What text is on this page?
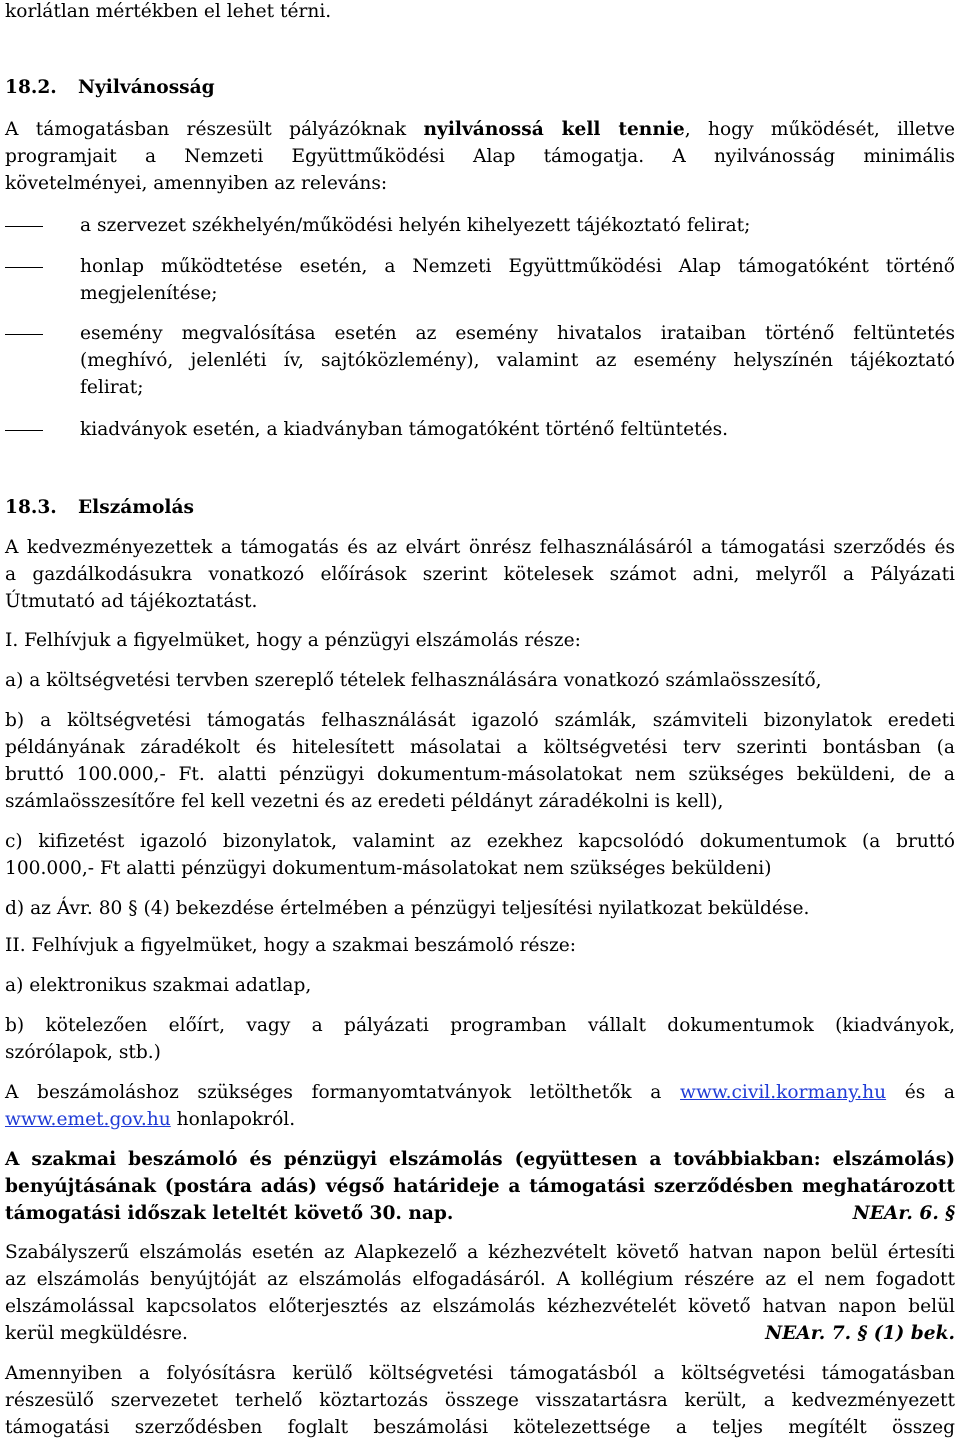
korlátlan mértékben el lehet térni.
18.2. Nyilvánosság
A támogatásban részesült pályázóknak nyilvánossá kell tennie, hogy működését, illetve
programjait a Nemzeti Együttműködési Alap támogatja. A nyilvánosság minimális
követelményei, amennyiben az releváns:
a szervezet székhelyén/működési helyén kihelyezett tájékoztató felirat;
honlap működtetése esetén, a Nemzeti Együttműködési Alap támogatóként történő
megjelenítése;
esemény megvalósítása esetén az esemény hivatalos irataiban történő feltüntetés
(meghívó, jelenléti ív, sajtóközlemény), valamint az esemény helyszínén tájékoztató
felirat;
kiadványok esetén, a kiadványban támogatóként történő feltüntetés.
18.3. Elszámolás
A kedvezményezettek a támogatás és az elvárt önrész felhasználásáról a támogatási szerződés és
a gazdálkodásukra vonatkozó előírások szerint kötelesek számot adni, melyről a Pályázati
Útmutató ad tájékoztatást.
I. Felhívjuk a figyelmüket, hogy a pénzügyi elszámolás része:
a) a költségvetési tervben szereplő tételek felhasználására vonatkozó számlaösszesítő,
b) a költségvetési támogatás felhasználását igazoló számlák, számviteli bizonylatok eredeti
példányának záradékolt és hitelesített másolatai a költségvetési terv szerinti bontásban (a
bruttó 100.000,- Ft. alatti pénzügyi dokumentum-másolatokat nem szükséges beküldeni, de a
számlaösszesítőre fel kell vezetni és az eredeti példányt záradékolni is kell),
c) kifizetést igazoló bizonylatok, valamint az ezekhez kapcsolódó dokumentumok (a bruttó
100.000,- Ft alatti pénzügyi dokumentum-másolatokat nem szükséges beküldeni)
d) az Ávr. 80 § (4) bekezdése értelmében a pénzügyi teljesítési nyilatkozat beküldése.
II. Felhívjuk a figyelmüket, hogy a szakmai beszámoló része:
a) elektronikus szakmai adatlap,
b) kötelezően előírt, vagy a pályázati programban vállalt dokumentumok (kiadványok,
szórólapok, stb.)
A beszámoláshoz szükséges formanyomtatványok letölthetők a www.civil.kormany.hu és a
www.emet.gov.hu honlapokról.
A szakmai beszámoló és pénzügyi elszámolás (együttesen a továbbiakban: elszámolás)
benyújtásának (postára adás) végső határideje a támogatási szerződésben meghatározott
támogatási időszak leteltét követő 30. nap.	NEAr. 6. §
Szabályszerű elszámolás esetén az Alapkezelő a kézhezvételt követő hatvan napon belül értesíti
az elszámolás benyújtóját az elszámolás elfogadásáról. A kollégium részére az el nem fogadott
elszámolással kapcsolatos előterjesztés az elszámolás kézhezvételét követő hatvan napon belül
kerül megküldésre.	NEAr. 7. § (1) bek.
Amennyiben a folyósításra kerülő költségvetési támogatásból a költségvetési támogatásban
részesülő szervezetet terhelő köztartozás összege visszatartásra került, a kedvezményezett
támogatási szerződésben foglalt beszámolási kötelezettsége a teljes megítélt összeg
